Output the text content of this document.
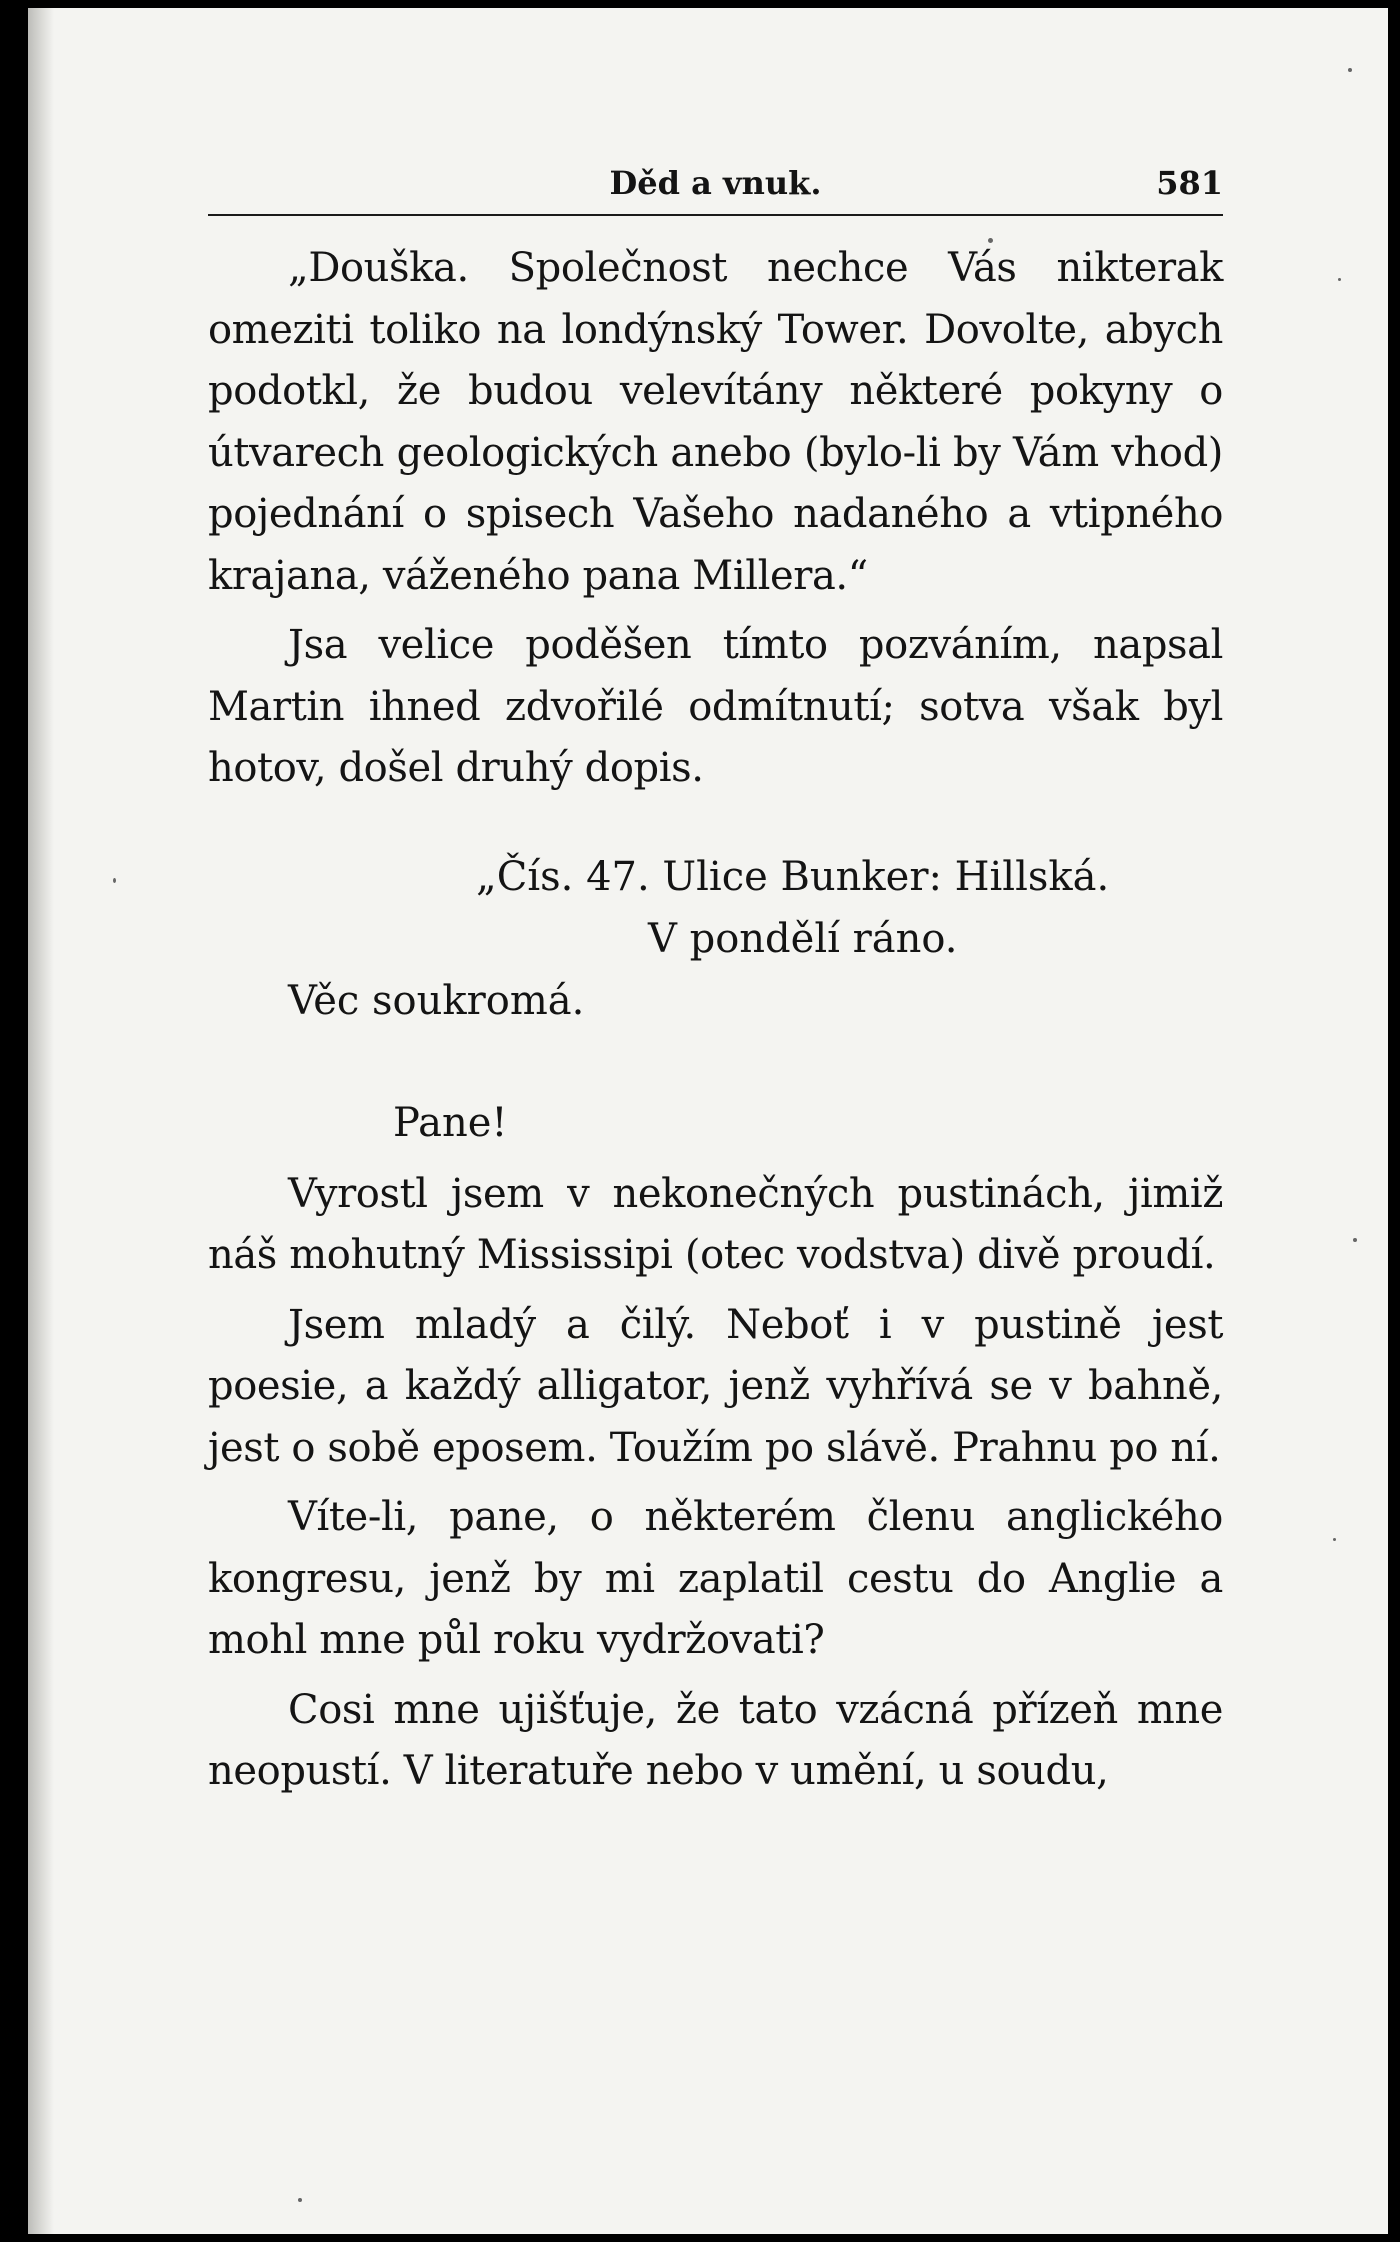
Děd a vnuk.	581

„Douška. Společnost nechce Vás nikterak omeziti toliko na londýnský Tower. Dovolte, abych podotkl, že budou velevítány některé pokyny o útvarech geologických anebo (bylo-li by Vám vhod) pojednání o spisech Vašeho nadaného a vtipného krajana, váženého pana Millera.“

Jsa velice poděšen tímto pozváním, napsal Martin ihned zdvořilé odmítnutí; sotva však byl hotov, došel druhý dopis.

„Čís. 47. Ulice Bunker: Hillská.
V pondělí ráno.
Věc soukromá.
Pane!

Vyrostl jsem v nekonečných pustinách, jimiž náš mohutný Mississipi (otec vodstva) divě proudí.

Jsem mladý a čilý. Neboť i v pustině jest poesie, a každý alligator, jenž vyhřívá se v bahně, jest o sobě eposem. Toužím po slávě. Prahnu po ní.

Víte-li, pane, o některém členu anglického kongresu, jenž by mi zaplatil cestu do Anglie a mohl mne půl roku vydržovati?

Cosi mne ujišťuje, že tato vzácná přízeň mne neopustí. V literatuře nebo v umění, u soudu,
